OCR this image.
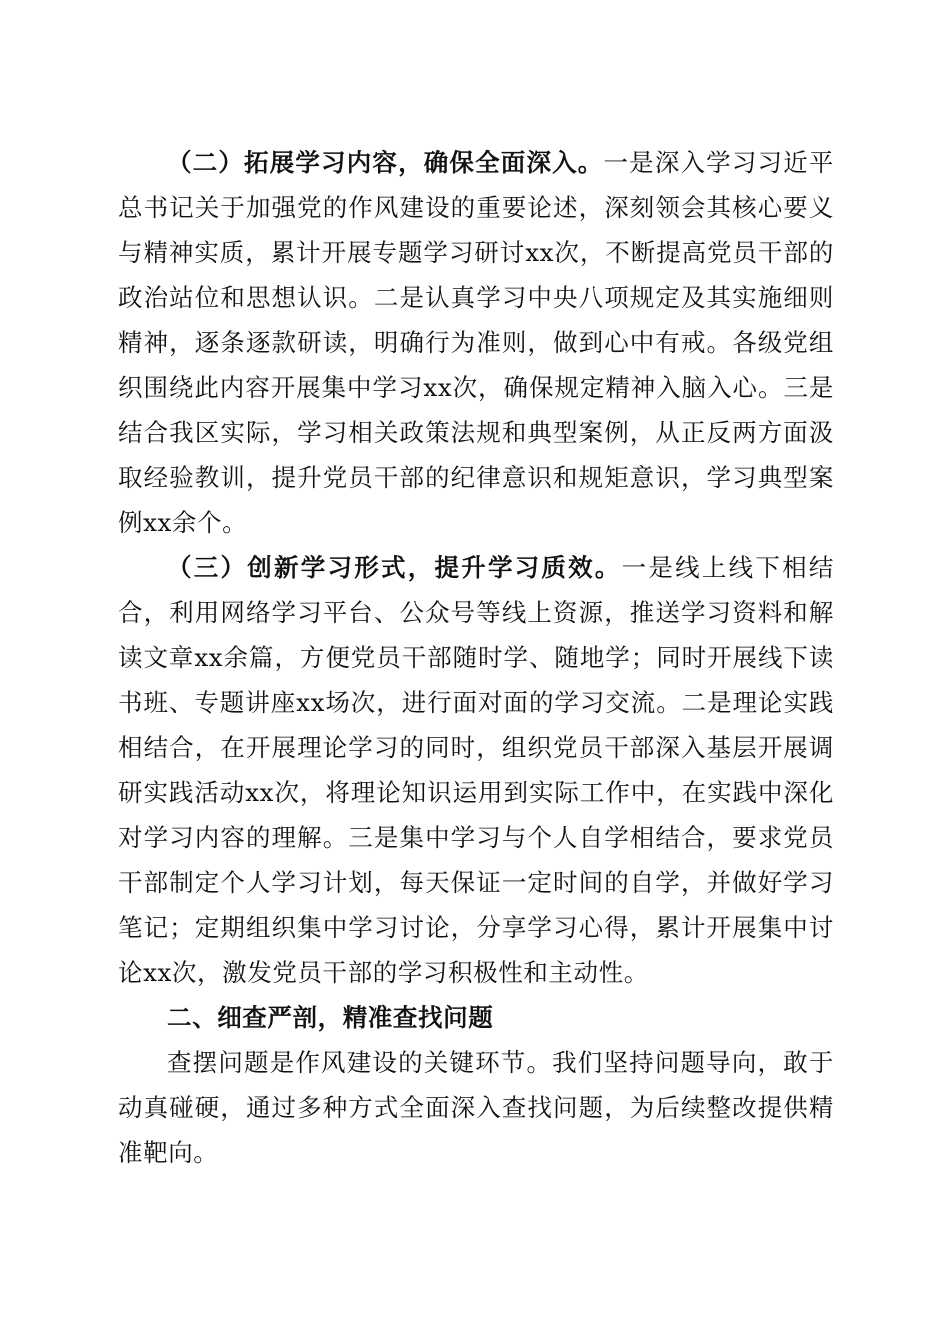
（二）拓展学习内容，确保全面深入。一是深入学习习近平总书记关于加强党的作风建设的重要论述，深刻领会其核心要义与精神实质，累计开展专题学习研讨xx次，不断提高党员干部的政治站位和思想认识。二是认真学习中央八项规定及其实施细则精神，逐条逐款研读，明确行为准则，做到心中有戒。各级党组织围绕此内容开展集中学习xx次，确保规定精神入脑入心。三是结合我区实际，学习相关政策法规和典型案例，从正反两方面汲取经验教训，提升党员干部的纪律意识和规矩意识，学习典型案例xx余个。

（三）创新学习形式，提升学习质效。一是线上线下相结合，利用网络学习平台、公众号等线上资源，推送学习资料和解读文章xx余篇，方便党员干部随时学、随地学；同时开展线下读书班、专题讲座xx场次，进行面对面的学习交流。二是理论实践相结合，在开展理论学习的同时，组织党员干部深入基层开展调研实践活动xx次，将理论知识运用到实际工作中，在实践中深化对学习内容的理解。三是集中学习与个人自学相结合，要求党员干部制定个人学习计划，每天保证一定时间的自学，并做好学习笔记；定期组织集中学习讨论，分享学习心得，累计开展集中讨论xx次，激发党员干部的学习积极性和主动性。

二、细查严剖，精准查找问题

查摆问题是作风建设的关键环节。我们坚持问题导向，敢于动真碰硬，通过多种方式全面深入查找问题，为后续整改提供精准靶向。
